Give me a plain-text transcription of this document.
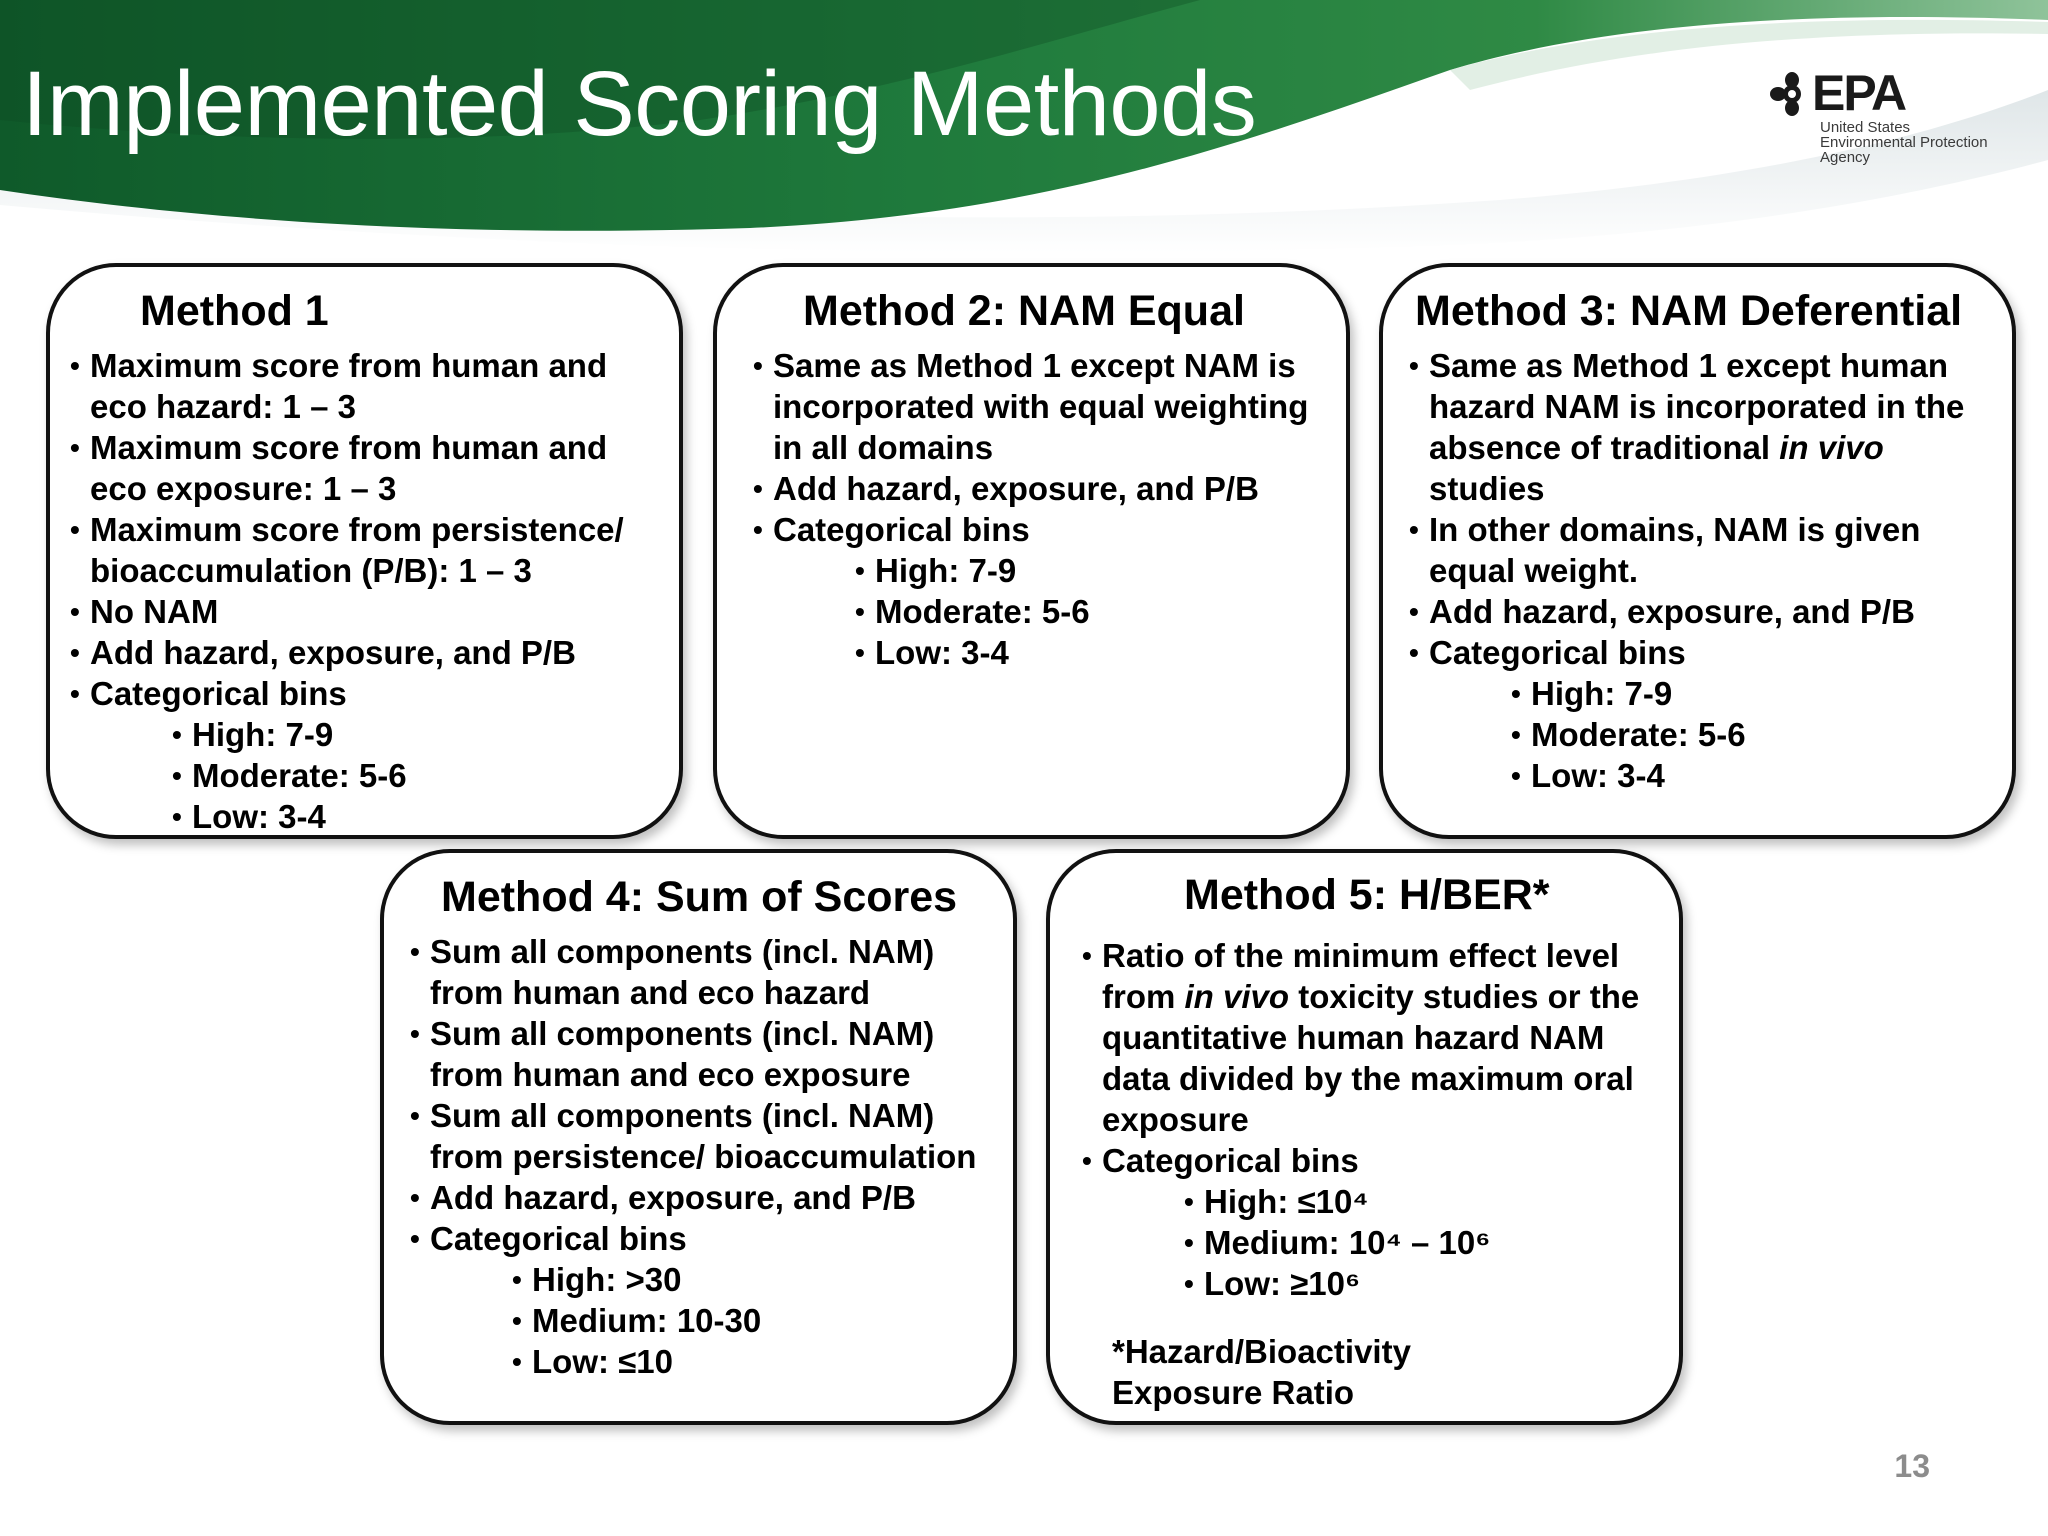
Implemented Scoring Methods	EPA
United States
Environmental Protection
Agency
Method 1
• Maximum score from human and eco hazard: 1 – 3
• Maximum score from human and eco exposure: 1 – 3
• Maximum score from persistence/ bioaccumulation (P/B): 1 – 3
• No NAM
• Add hazard, exposure, and P/B
• Categorical bins
• High: 7-9
• Moderate: 5-6
• Low: 3-4
Method 2: NAM Equal
• Same as Method 1 except NAM is incorporated with equal weighting in all domains
• Add hazard, exposure, and P/B
• Categorical bins
• High: 7-9
• Moderate: 5-6
• Low: 3-4
Method 3: NAM Deferential
• Same as Method 1 except human hazard NAM is incorporated in the absence of traditional in vivo studies
• In other domains, NAM is given equal weight.
• Add hazard, exposure, and P/B
• Categorical bins
• High: 7-9
• Moderate: 5-6
• Low: 3-4
Method 4: Sum of Scores
• Sum all components (incl. NAM) from human and eco hazard
• Sum all components (incl. NAM) from human and eco exposure
• Sum all components (incl. NAM) from persistence/ bioaccumulation
• Add hazard, exposure, and P/B
• Categorical bins
• High: >30
• Medium: 10-30
• Low: ≤10
Method 5: H/BER*
• Ratio of the minimum effect level from in vivo toxicity studies or the quantitative human hazard NAM data divided by the maximum oral exposure
• Categorical bins
• High: ≤10⁴
• Medium: 10⁴ – 10⁶
• Low: ≥10⁶

*Hazard/Bioactivity Exposure Ratio

13
